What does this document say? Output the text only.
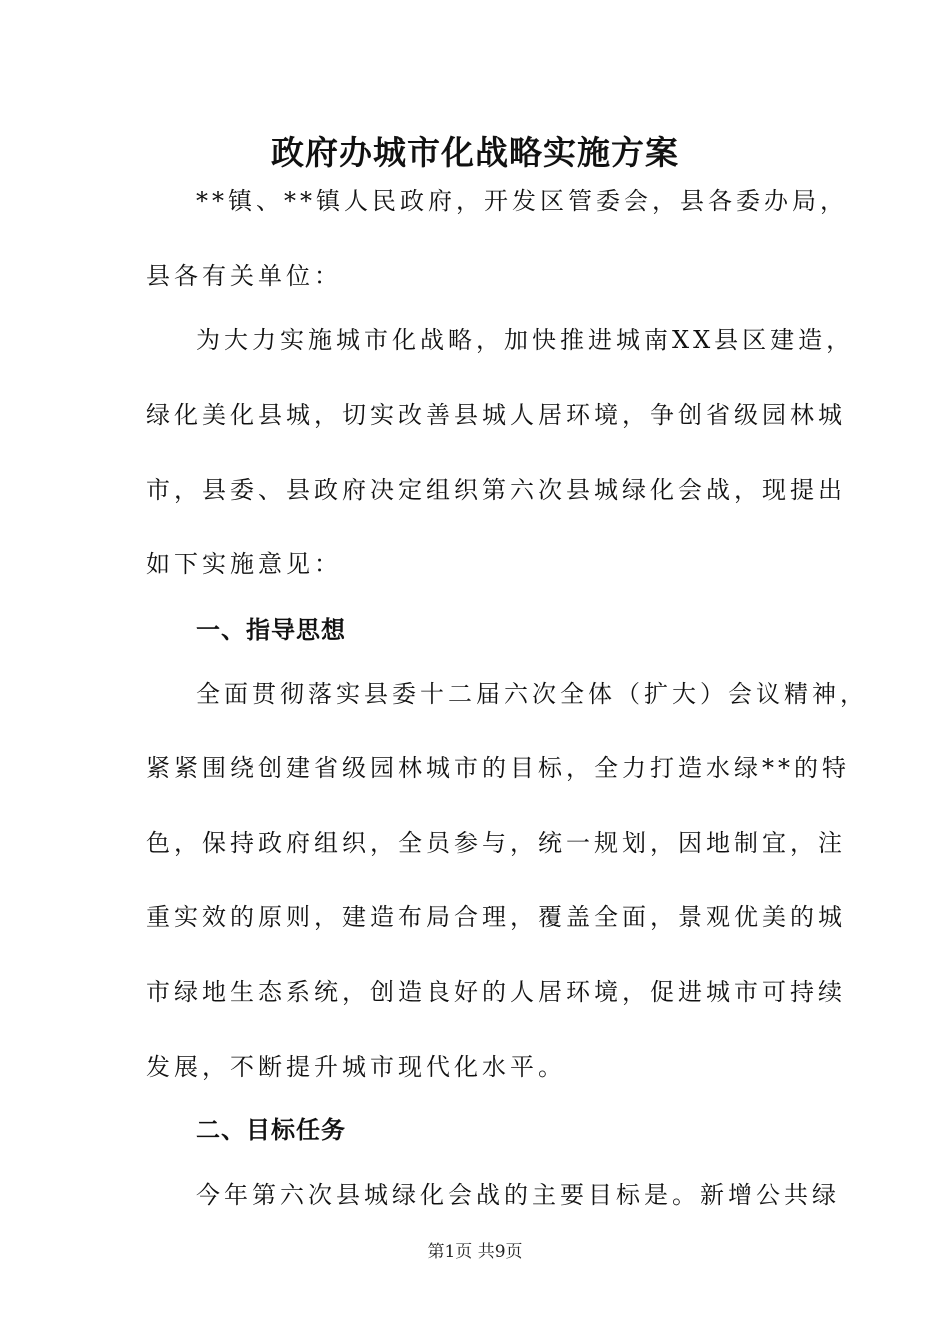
政府办城市化战略实施方案
**镇、**镇人民政府，开发区管委会，县各委办局，
县各有关单位：
为大力实施城市化战略，加快推进城南XX县区建造，
绿化美化县城，切实改善县城人居环境，争创省级园林城
市，县委、县政府决定组织第六次县城绿化会战，现提出
如下实施意见：
一、指导思想
全面贯彻落实县委十二届六次全体（扩大）会议精神，
紧紧围绕创建省级园林城市的目标，全力打造水绿**的特
色，保持政府组织，全员参与，统一规划，因地制宜，注
重实效的原则，建造布局合理，覆盖全面，景观优美的城
市绿地生态系统，创造良好的人居环境，促进城市可持续
发展，不断提升城市现代化水平。
二、目标任务
今年第六次县城绿化会战的主要目标是。新增公共绿
第1页 共9页
